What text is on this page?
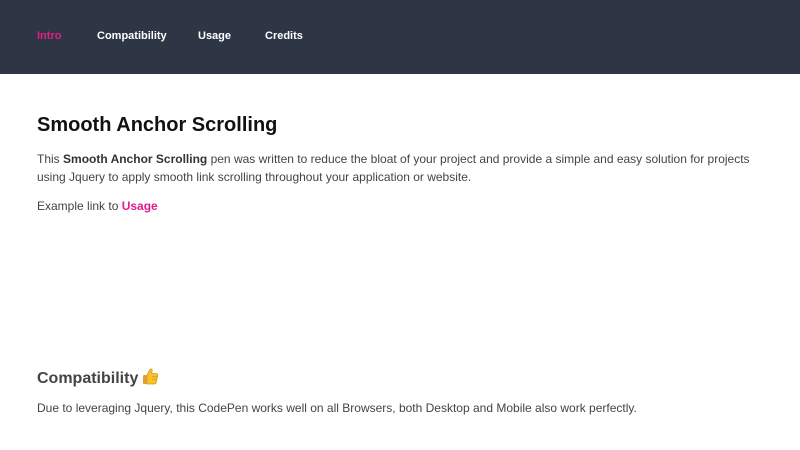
Intro	Compatibility	Usage	Credits
Smooth Anchor Scrolling

This Smooth Anchor Scrolling pen was written to reduce the bloat of your project and provide a simple and easy solution for projects using Jquery to apply smooth link scrolling throughout your application or website.

Example link to Usage

Compatibility

Due to leveraging Jquery, this CodePen works well on all Browsers, both Desktop and Mobile also work perfectly.
